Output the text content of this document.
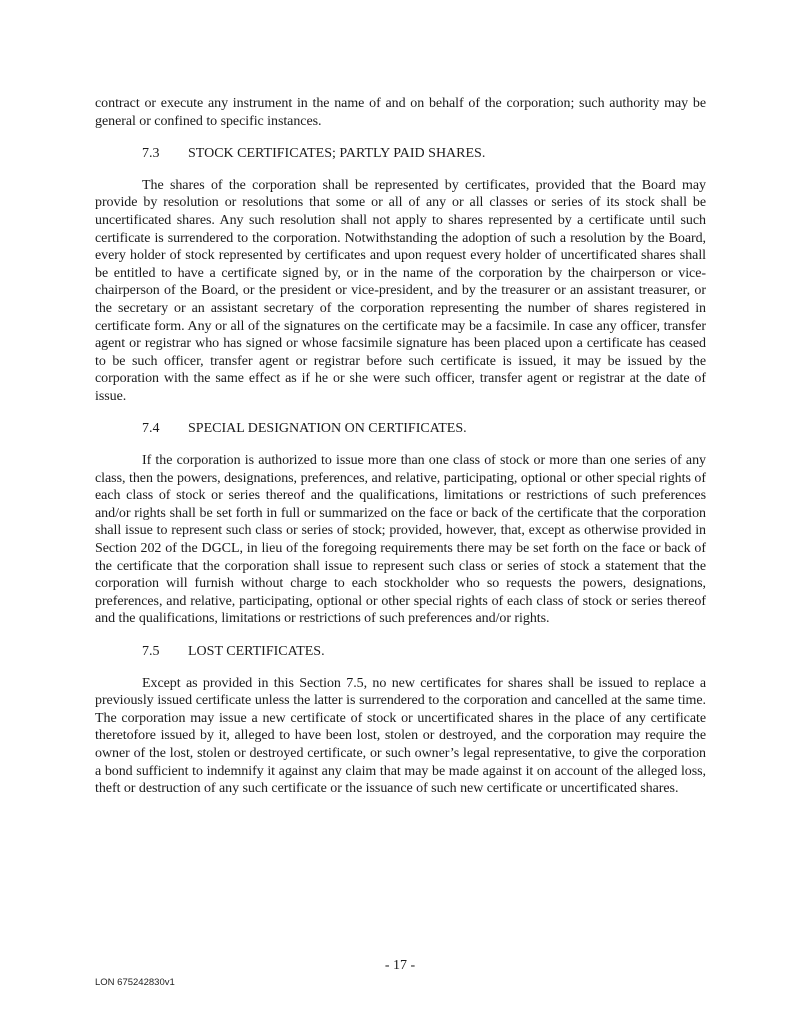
contract or execute any instrument in the name of and on behalf of the corporation; such authority may be general or confined to specific instances.

7.3	STOCK CERTIFICATES; PARTLY PAID SHARES.

The shares of the corporation shall be represented by certificates, provided that the Board may provide by resolution or resolutions that some or all of any or all classes or series of its stock shall be uncertificated shares. Any such resolution shall not apply to shares represented by a certificate until such certificate is surrendered to the corporation. Notwithstanding the adoption of such a resolution by the Board, every holder of stock represented by certificates and upon request every holder of uncertificated shares shall be entitled to have a certificate signed by, or in the name of the corporation by the chairperson or vice-chairperson of the Board, or the president or vice-president, and by the treasurer or an assistant treasurer, or the secretary or an assistant secretary of the corporation representing the number of shares registered in certificate form. Any or all of the signatures on the certificate may be a facsimile. In case any officer, transfer agent or registrar who has signed or whose facsimile signature has been placed upon a certificate has ceased to be such officer, transfer agent or registrar before such certificate is issued, it may be issued by the corporation with the same effect as if he or she were such officer, transfer agent or registrar at the date of issue.

7.4	SPECIAL DESIGNATION ON CERTIFICATES.

If the corporation is authorized to issue more than one class of stock or more than one series of any class, then the powers, designations, preferences, and relative, participating, optional or other special rights of each class of stock or series thereof and the qualifications, limitations or restrictions of such preferences and/or rights shall be set forth in full or summarized on the face or back of the certificate that the corporation shall issue to represent such class or series of stock; provided, however, that, except as otherwise provided in Section 202 of the DGCL, in lieu of the foregoing requirements there may be set forth on the face or back of the certificate that the corporation shall issue to represent such class or series of stock a statement that the corporation will furnish without charge to each stockholder who so requests the powers, designations, preferences, and relative, participating, optional or other special rights of each class of stock or series thereof and the qualifications, limitations or restrictions of such preferences and/or rights.

7.5	LOST CERTIFICATES.

Except as provided in this Section 7.5, no new certificates for shares shall be issued to replace a previously issued certificate unless the latter is surrendered to the corporation and cancelled at the same time. The corporation may issue a new certificate of stock or uncertificated shares in the place of any certificate theretofore issued by it, alleged to have been lost, stolen or destroyed, and the corporation may require the owner of the lost, stolen or destroyed certificate, or such owner’s legal representative, to give the corporation a bond sufficient to indemnify it against any claim that may be made against it on account of the alleged loss, theft or destruction of any such certificate or the issuance of such new certificate or uncertificated shares.

- 17 -
LON 675242830v1
